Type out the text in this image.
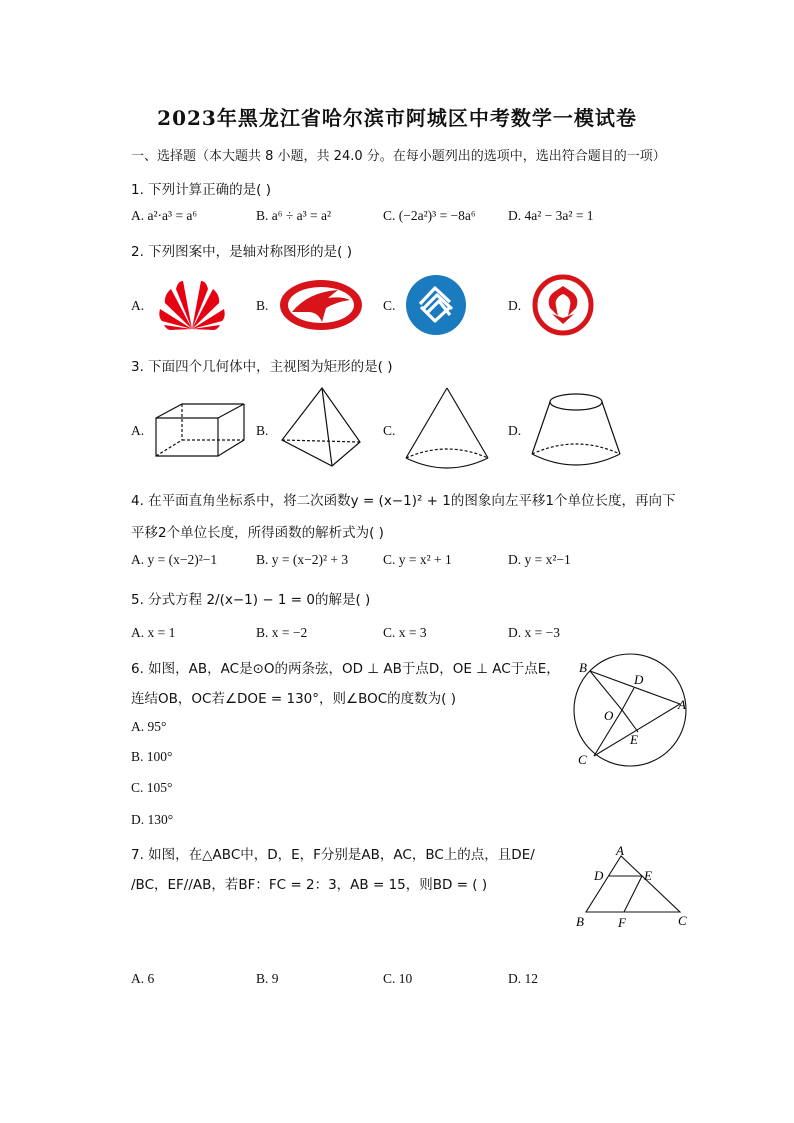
2023年黑龙江省哈尔滨市阿城区中考数学一模试卷
一、选择题（本大题共 8 小题，共 24.0 分。在每小题列出的选项中，选出符合题目的一项）
1. 下列计算正确的是( )
A. a²·a³ = a⁶	B. a⁶ ÷ a³ = a²	C. (−2a²)³ = −8a⁶ D. 4a² − 3a² = 1
2. 下列图案中，是轴对称图形的是( )
A.	B.	C.	D.
3. 下面四个几何体中，主视图为矩形的是( )
A.	B.	C.	D.
4. 在平面直角坐标系中，将二次函数y = (x−1)² + 1的图象向左平移1个单位长度，再向下
平移2个单位长度，所得函数的解析式为( )
A. y = (x−2)²−1	B. y = (x−2)² + 3	C. y = x² + 1	D. y = x²−1
5. 分式方程 2/(x−1) − 1 = 0的解是( )
A. x = 1	B. x = −2	C. x = 3	D. x = −3
6. 如图，AB，AC是⊙O的两条弦，OD ⊥ AB于点D，OE ⊥ AC于点E，
连结OB，OC若∠DOE = 130°，则∠BOC的度数为( )
A. 95°
B. 100°
C. 105°
D. 130°
B
D
A
O
E
C
7. 如图，在△ABC中，D，E，F分别是AB，AC，BC上的点，且DE/
/BC，EF//AB，若BF：FC = 2：3，AB = 15，则BD = ( )
A
D	E
B	F	C
A. 6	B. 9	C. 10	D. 12
